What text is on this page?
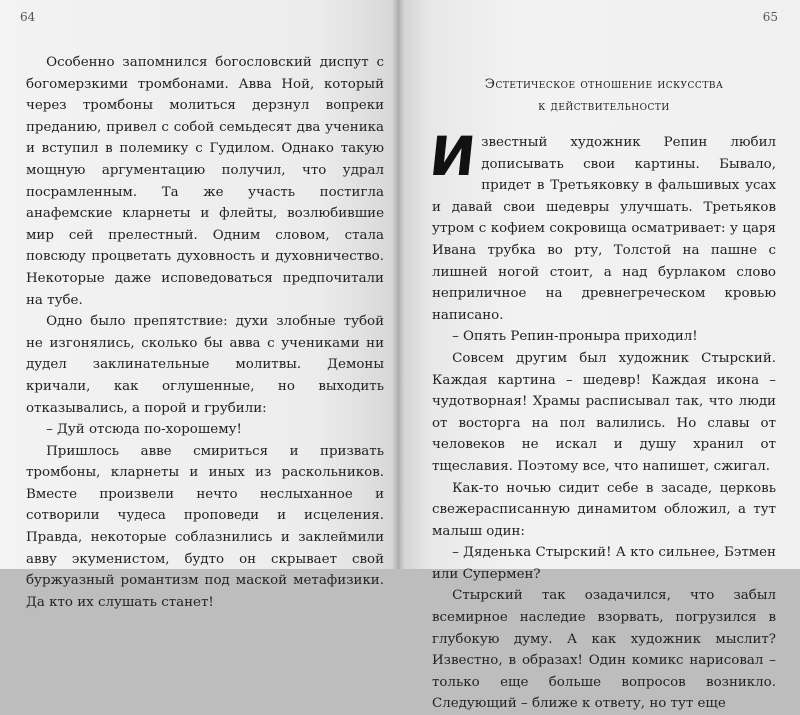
64

Особенно запомнился богословский диспут с богомерзкими тромбонами. Авва Ной, который через тромбоны молиться дерзнул вопреки преданию, привел с собой семьдесят два ученика и вступил в полемику с Гудилом. Однако такую мощную аргументацию получил, что удрал посрамленным. Та же участь постигла анафемские кларнеты и флейты, возлюбившие мир сей прелестный. Одним словом, стала повсюду процветать духовность и духовничество. Некоторые даже исповедоваться предпочитали на тубе.

Одно было препятствие: духи злобные тубой не изгонялись, сколько бы авва с учениками ни дудел заклинательные молитвы. Демоны кричали, как оглушенные, но выходить отказывались, а порой и грубили:

– Дуй отсюда по-хорошему!

Пришлось авве смириться и призвать тромбоны, кларнеты и иных из раскольников. Вместе произвели нечто неслыханное и сотворили чудеса проповеди и исцеления. Правда, некоторые соблазнились и заклеймили авву экуменистом, будто он скрывает свой буржуазный романтизм под маской метафизики. Да кто их слушать станет!

65
Эстетическое отношение искусства
к действительности

Известный художник Репин любил дописывать свои картины. Бывало, придет в Третьяковку в фальшивых усах и давай свои шедевры улучшать. Третьяков утром с кофием сокровища осматривает: у царя Ивана трубка во рту, Толстой на пашне с лишней ногой стоит, а над бурлаком слово неприличное на древнегреческом кровью написано.

– Опять Репин-проныра приходил!

Совсем другим был художник Стырский. Каждая картина – шедевр! Каждая икона – чудотворная! Храмы расписывал так, что люди от восторга на пол валились. Но славы от человеков не искал и душу хранил от тщеславия. Поэтому все, что напишет, сжигал.

Как-то ночью сидит себе в засаде, церковь свежерасписанную динамитом обложил, а тут малыш один:

– Дяденька Стырский! А кто сильнее, Бэтмен или Супермен?

Стырский так озадачился, что забыл всемирное наследие взорвать, погрузился в глубокую думу. А как художник мыслит? Известно, в образах! Один комикс нарисовал – только еще больше вопросов возникло. Следующий – ближе к ответу, но тут еще
